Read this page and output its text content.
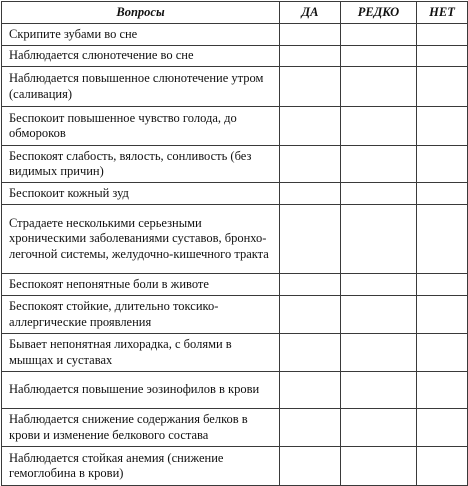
Вопросы	ДА	РЕДКО	НЕТ
Скрипите зубами во сне			
Наблюдается слюнотечение во сне			
Наблюдается повышенное слюнотечение утром (саливация)			
Беспокоит повышенное чувство голода, до обмороков			
Беспокоят слабость, вялость, сонливость (без видимых причин)			
Беспокоит кожный зуд			
Страдаете несколькими серьезными хроническими заболеваниями суставов, бронхо-легочной системы, желудочно-кишечного тракта			
Беспокоят непонятные боли в животе			
Беспокоят стойкие, длительно токсико-аллергические проявления			
Бывает непонятная лихорадка, с болями в мышцах и суставах			
Наблюдается повышение эозинофилов в крови			
Наблюдается снижение содержания белков в крови и изменение белкового состава			
Наблюдается стойкая анемия (снижение гемоглобина в крови)			
